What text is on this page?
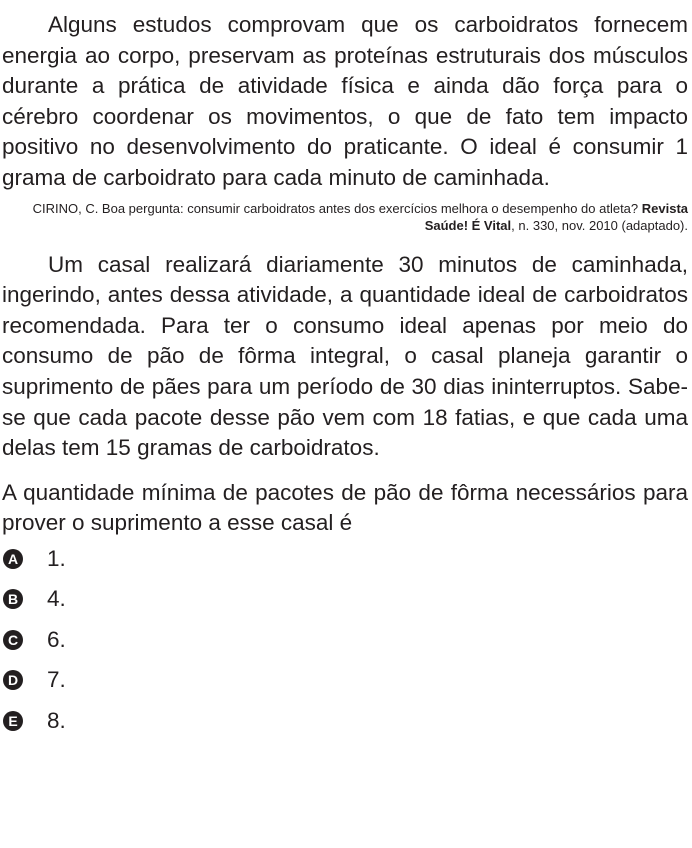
Alguns estudos comprovam que os carboidratos fornecem energia ao corpo, preservam as proteínas estruturais dos músculos durante a prática de atividade física e ainda dão força para o cérebro coordenar os movimentos, o que de fato tem impacto positivo no desenvolvimento do praticante. O ideal é consumir 1 grama de carboidrato para cada minuto de caminhada.

CIRINO, C. Boa pergunta: consumir carboidratos antes dos exercícios melhora o desempenho do atleta? Revista Saúde! É Vital, n. 330, nov. 2010 (adaptado).

Um casal realizará diariamente 30 minutos de caminhada, ingerindo, antes dessa atividade, a quantidade ideal de carboidratos recomendada. Para ter o consumo ideal apenas por meio do consumo de pão de fôrma integral, o casal planeja garantir o suprimento de pães para um período de 30 dias ininterruptos. Sabe-se que cada pacote desse pão vem com 18 fatias, e que cada uma delas tem 15 gramas de carboidratos.

A quantidade mínima de pacotes de pão de fôrma necessários para prover o suprimento a esse casal é

A 1.
B 4.
C 6.
D 7.
E 8.
